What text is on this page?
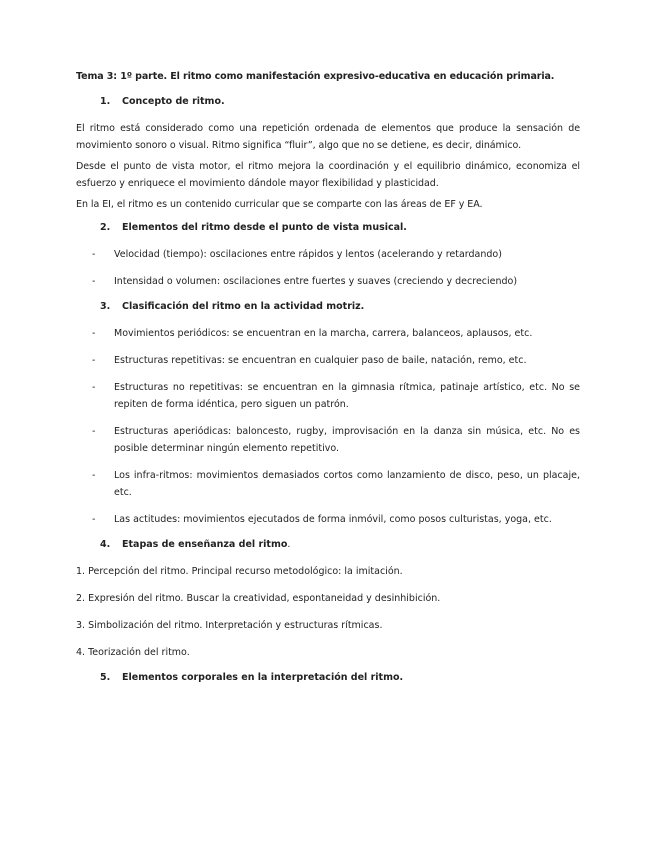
Tema 3: 1º parte. El ritmo como manifestación expresivo-educativa en educación primaria.

1.	Concepto de ritmo.

El ritmo está considerado como una repetición ordenada de elementos que produce la sensación de movimiento sonoro o visual. Ritmo significa “fluir”, algo que no se detiene, es decir, dinámico.

Desde el punto de vista motor, el ritmo mejora la coordinación y el equilibrio dinámico, economiza el esfuerzo y enriquece el movimiento dándole mayor flexibilidad y plasticidad.

En la EI, el ritmo es un contenido curricular que se comparte con las áreas de EF y EA.

2.	Elementos del ritmo desde el punto de vista musical.
-	Velocidad (tiempo): oscilaciones entre rápidos y lentos (acelerando y retardando)
-	Intensidad o volumen: oscilaciones entre fuertes y suaves (creciendo y decreciendo)
3.	Clasificación del ritmo en la actividad motriz.
-	Movimientos periódicos: se encuentran en la marcha, carrera, balanceos, aplausos, etc.
-	Estructuras repetitivas: se encuentran en cualquier paso de baile, natación, remo, etc.
-	Estructuras no repetitivas: se encuentran en la gimnasia rítmica, patinaje artístico, etc. No se repiten de forma idéntica, pero siguen un patrón.
-	Estructuras aperiódicas: baloncesto, rugby, improvisación en la danza sin música, etc. No es posible determinar ningún elemento repetitivo.
-	Los infra-ritmos: movimientos demasiados cortos como lanzamiento de disco, peso, un placaje, etc.
-	Las actitudes: movimientos ejecutados de forma inmóvil, como posos culturistas, yoga, etc.
4.	Etapas de enseñanza del ritmo.
1. Percepción del ritmo. Principal recurso metodológico: la imitación.
2. Expresión del ritmo. Buscar la creatividad, espontaneidad y desinhibición.
3. Simbolización del ritmo. Interpretación y estructuras rítmicas.
4. Teorización del ritmo.
5.	Elementos corporales en la interpretación del ritmo.
